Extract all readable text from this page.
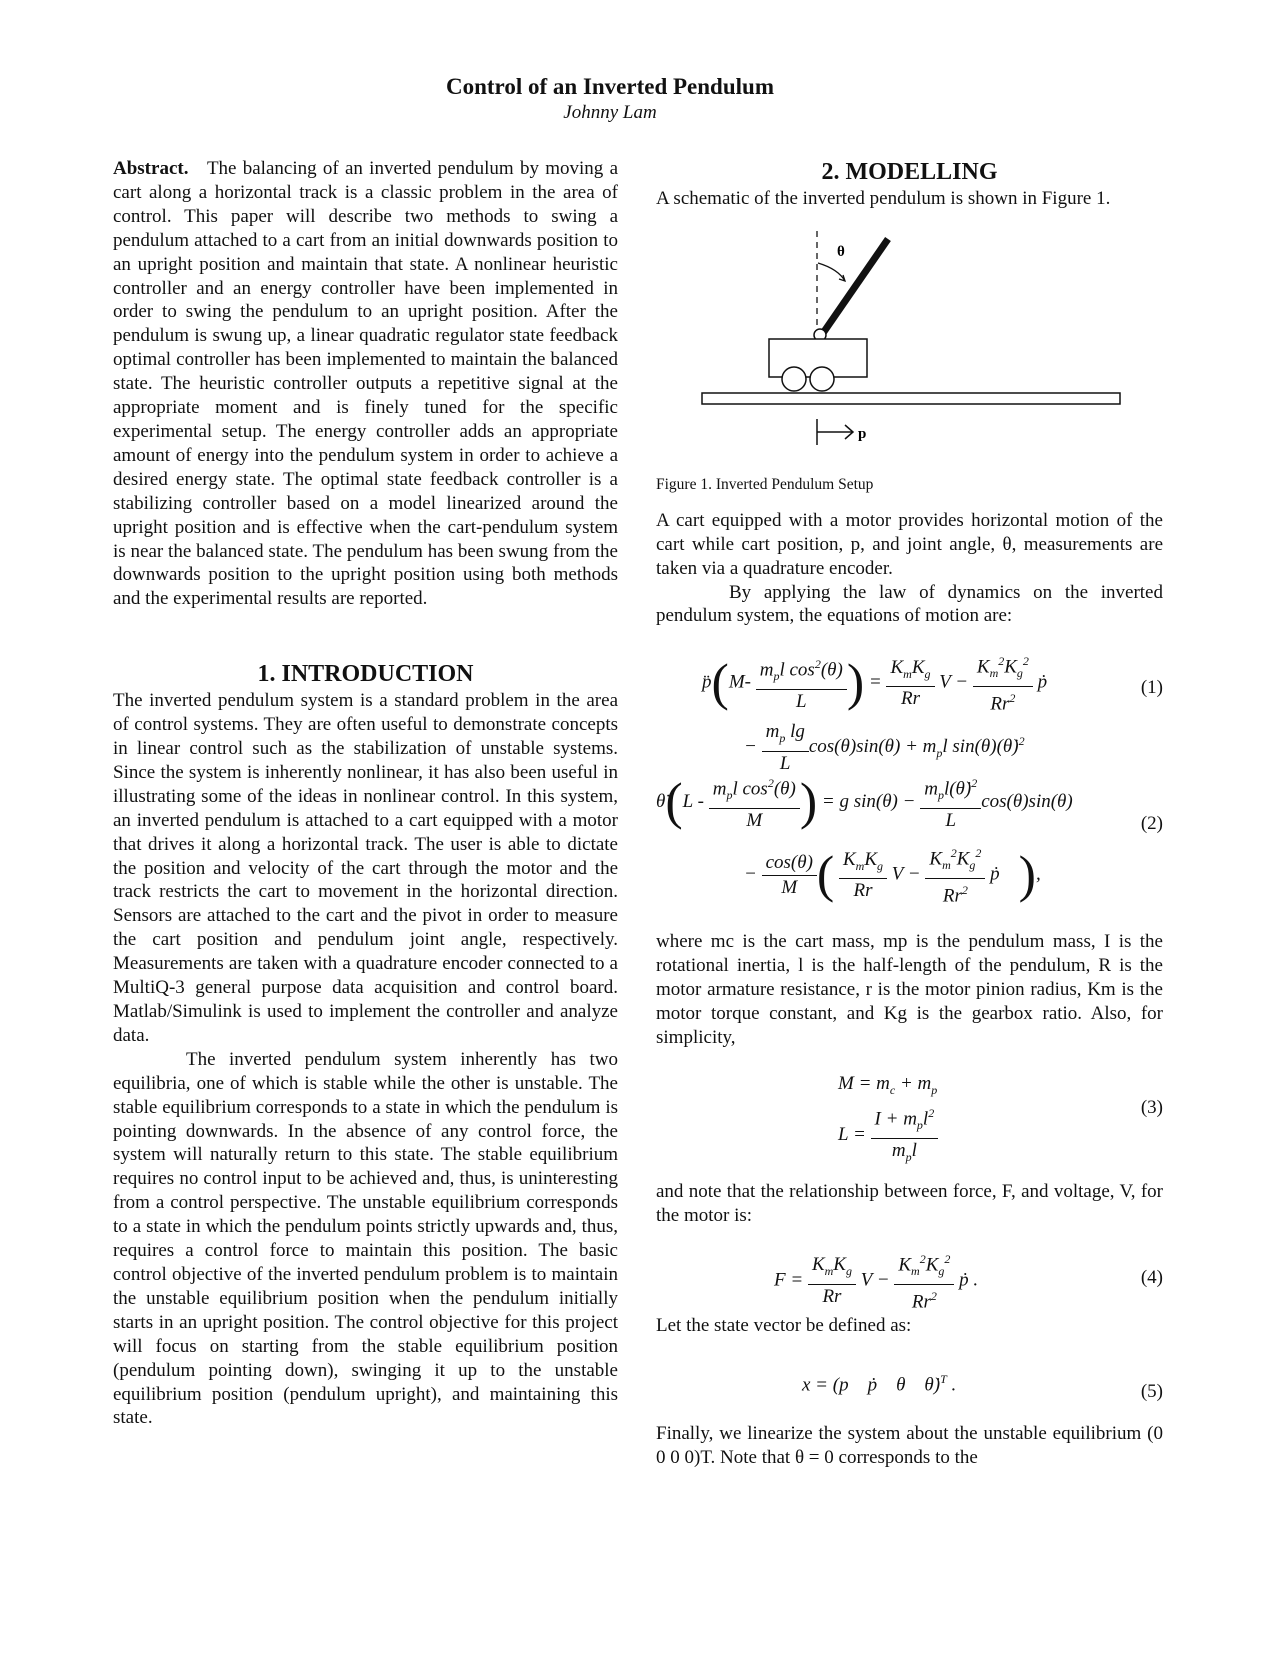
Control of an Inverted Pendulum
Johnny Lam

Abstract. The balancing of an inverted pendulum by moving a cart along a horizontal track is a classic problem in the area of control. This paper will describe two methods to swing a pendulum attached to a cart from an initial downwards position to an upright position and maintain that state. A nonlinear heuristic controller and an energy controller have been implemented in order to swing the pendulum to an upright position. After the pendulum is swung up, a linear quadratic regulator state feedback optimal controller has been implemented to maintain the balanced state. The heuristic controller outputs a repetitive signal at the appropriate moment and is finely tuned for the specific experimental setup. The energy controller adds an appropriate amount of energy into the pendulum system in order to achieve a desired energy state. The optimal state feedback controller is a stabilizing controller based on a model linearized around the upright position and is effective when the cart-pendulum system is near the balanced state. The pendulum has been swung from the downwards position to the upright position using both methods and the experimental results are reported.

1. INTRODUCTION

The inverted pendulum system is a standard problem in the area of control systems. They are often useful to demonstrate concepts in linear control such as the stabilization of unstable systems. Since the system is inherently nonlinear, it has also been useful in illustrating some of the ideas in nonlinear control. In this system, an inverted pendulum is attached to a cart equipped with a motor that drives it along a horizontal track. The user is able to dictate the position and velocity of the cart through the motor and the track restricts the cart to movement in the horizontal direction. Sensors are attached to the cart and the pivot in order to measure the cart position and pendulum joint angle, respectively. Measurements are taken with a quadrature encoder connected to a MultiQ-3 general purpose data acquisition and control board. Matlab/Simulink is used to implement the controller and analyze data.

The inverted pendulum system inherently has two equilibria, one of which is stable while the other is unstable. The stable equilibrium corresponds to a state in which the pendulum is pointing downwards. In the absence of any control force, the system will naturally return to this state. The stable equilibrium requires no control input to be achieved and, thus, is uninteresting from a control perspective. The unstable equilibrium corresponds to a state in which the pendulum points strictly upwards and, thus, requires a control force to maintain this position. The basic control objective of the inverted pendulum problem is to maintain the unstable equilibrium position when the pendulum initially starts in an upright position. The control objective for this project will focus on starting from the stable equilibrium position (pendulum pointing down), swinging it up to the unstable equilibrium position (pendulum upright), and maintaining this state.

2. MODELLING

A schematic of the inverted pendulum is shown in Figure 1.

θ
p

Figure 1. Inverted Pendulum Setup

A cart equipped with a motor provides horizontal motion of the cart while cart position, p, and joint angle, θ, measurements are taken via a quadrature encoder.

By applying the law of dynamics on the inverted pendulum system, the equations of motion are:

p̈(M- $\frac{m_pl \cos^2(\theta)}{L}$ ) = $\frac{K_mK_g}{Rr}$ $V - \frac{K_m^2K_g^2}{Rr^2}$ ṗ	(1)
− $\frac{m_p \lg}{L} \cos(\theta)\sin(\theta) + m_pl$ sin(θ)(θ̇)$^2$
θ̈(L - $\frac{m_pl \cos^2(\theta)}{M}$ ) = g $\sin(\theta) - \frac{m_pl(\thetȧ)^2}{L} \cos(\theta)\sin(\theta)$
(2)
− $\frac{\cos(\theta)}{M}$ ( $\frac{K_mK_g}{Rr}$ $V - \frac{K_m^2K_g^2}{Rr^2}$ ṗ    ),

where mc is the cart mass, mp is the pendulum mass, I is the rotational inertia, l is the half-length of the pendulum, R is the motor armature resistance, r is the motor pinion radius, Km is the motor torque constant, and Kg is the gearbox ratio. Also, for simplicity,

$M = m_c + m_p$
$L = \frac{I + m_pl^2}{m_pl}$	(3)

and note that the relationship between force, F, and voltage, V, for the motor is:

$F = \frac{K_mK_g}{Rr}$ $V - \frac{K_m^2K_g^2}{Rr^2}$ ṗ .	(4)

Let the state vector be defined as:

x = (p    ṗ    θ    θ̇)$^T$ .	(5)

Finally, we linearize the system about the unstable equilibrium (0 0 0 0)T. Note that θ = 0 corresponds to the
